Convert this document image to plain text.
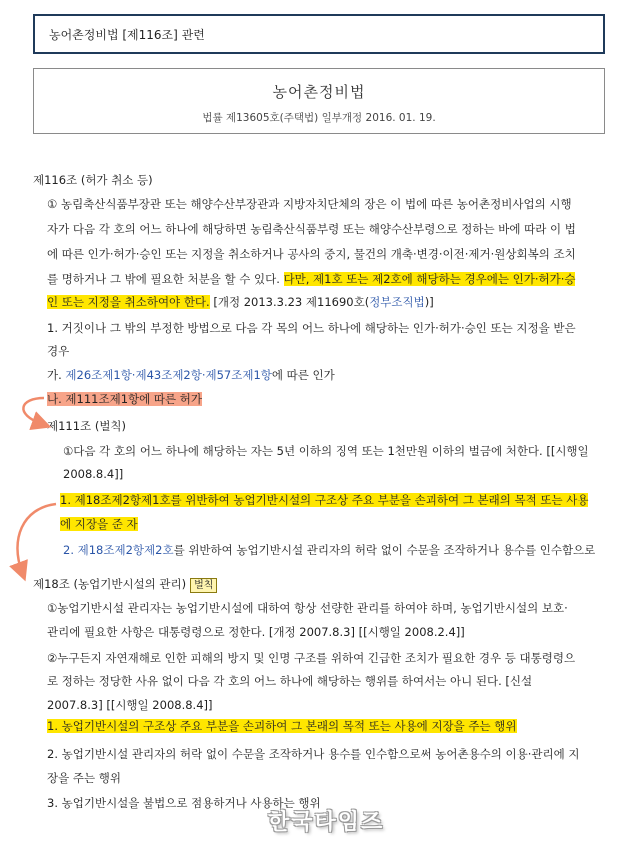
농어촌정비법 [제116조] 관련
농어촌정비법
법률 제13605호(주택법) 일부개정 2016. 01. 19.
제116조 (허가 취소 등)
① 농림축산식품부장관 또는 해양수산부장관과 지방자치단체의 장은 이 법에 따른 농어촌정비사업의 시행
자가 다음 각 호의 어느 하나에 해당하면 농림축산식품부령 또는 해양수산부령으로 정하는 바에 따라 이 법
에 따른 인가·허가·승인 또는 지정을 취소하거나 공사의 중지, 물건의 개축·변경·이전·제거·원상회복의 조치
를 명하거나 그 밖에 필요한 처분을 할 수 있다. 다만, 제1호 또는 제2호에 해당하는 경우에는 인가·허가·승
인 또는 지정을 취소하여야 한다. [개정 2013.3.23 제11690호(정부조직법)]
1. 거짓이나 그 밖의 부정한 방법으로 다음 각 목의 어느 하나에 해당하는 인가·허가·승인 또는 지정을 받은
경우
가. 제26조제1항·제43조제2항·제57조제1항에 따른 인가
나. 제111조제1항에 따른 허가
제111조 (벌칙)
①다음 각 호의 어느 하나에 해당하는 자는 5년 이하의 징역 또는 1천만원 이하의 벌금에 처한다. [[시행일
2008.8.4]]
1. 제18조제2항제1호를 위반하여 농업기반시설의 구조상 주요 부분을 손괴하여 그 본래의 목적 또는 사용
에 지장을 준 자
2. 제18조제2항제2호를 위반하여 농업기반시설 관리자의 허락 없이 수문을 조작하거나 용수를 인수함으로
제18조 (농업기반시설의 관리) 벌칙
①농업기반시설 관리자는 농업기반시설에 대하여 항상 선량한 관리를 하여야 하며, 농업기반시설의 보호·
관리에 필요한 사항은 대통령령으로 정한다. [개정 2007.8.3] [[시행일 2008.2.4]]
②누구든지 자연재해로 인한 피해의 방지 및 인명 구조를 위하여 긴급한 조치가 필요한 경우 등 대통령령으
로 정하는 정당한 사유 없이 다음 각 호의 어느 하나에 해당하는 행위를 하여서는 아니 된다. [신설
2007.8.3] [[시행일 2008.8.4]]
1. 농업기반시설의 구조상 주요 부분을 손괴하여 그 본래의 목적 또는 사용에 지장을 주는 행위
2. 농업기반시설 관리자의 허락 없이 수문을 조작하거나 용수를 인수함으로써 농어촌용수의 이용·관리에 지
장을 주는 행위
3. 농업기반시설을 불법으로 점용하거나 사용하는 행위
한국타임즈
